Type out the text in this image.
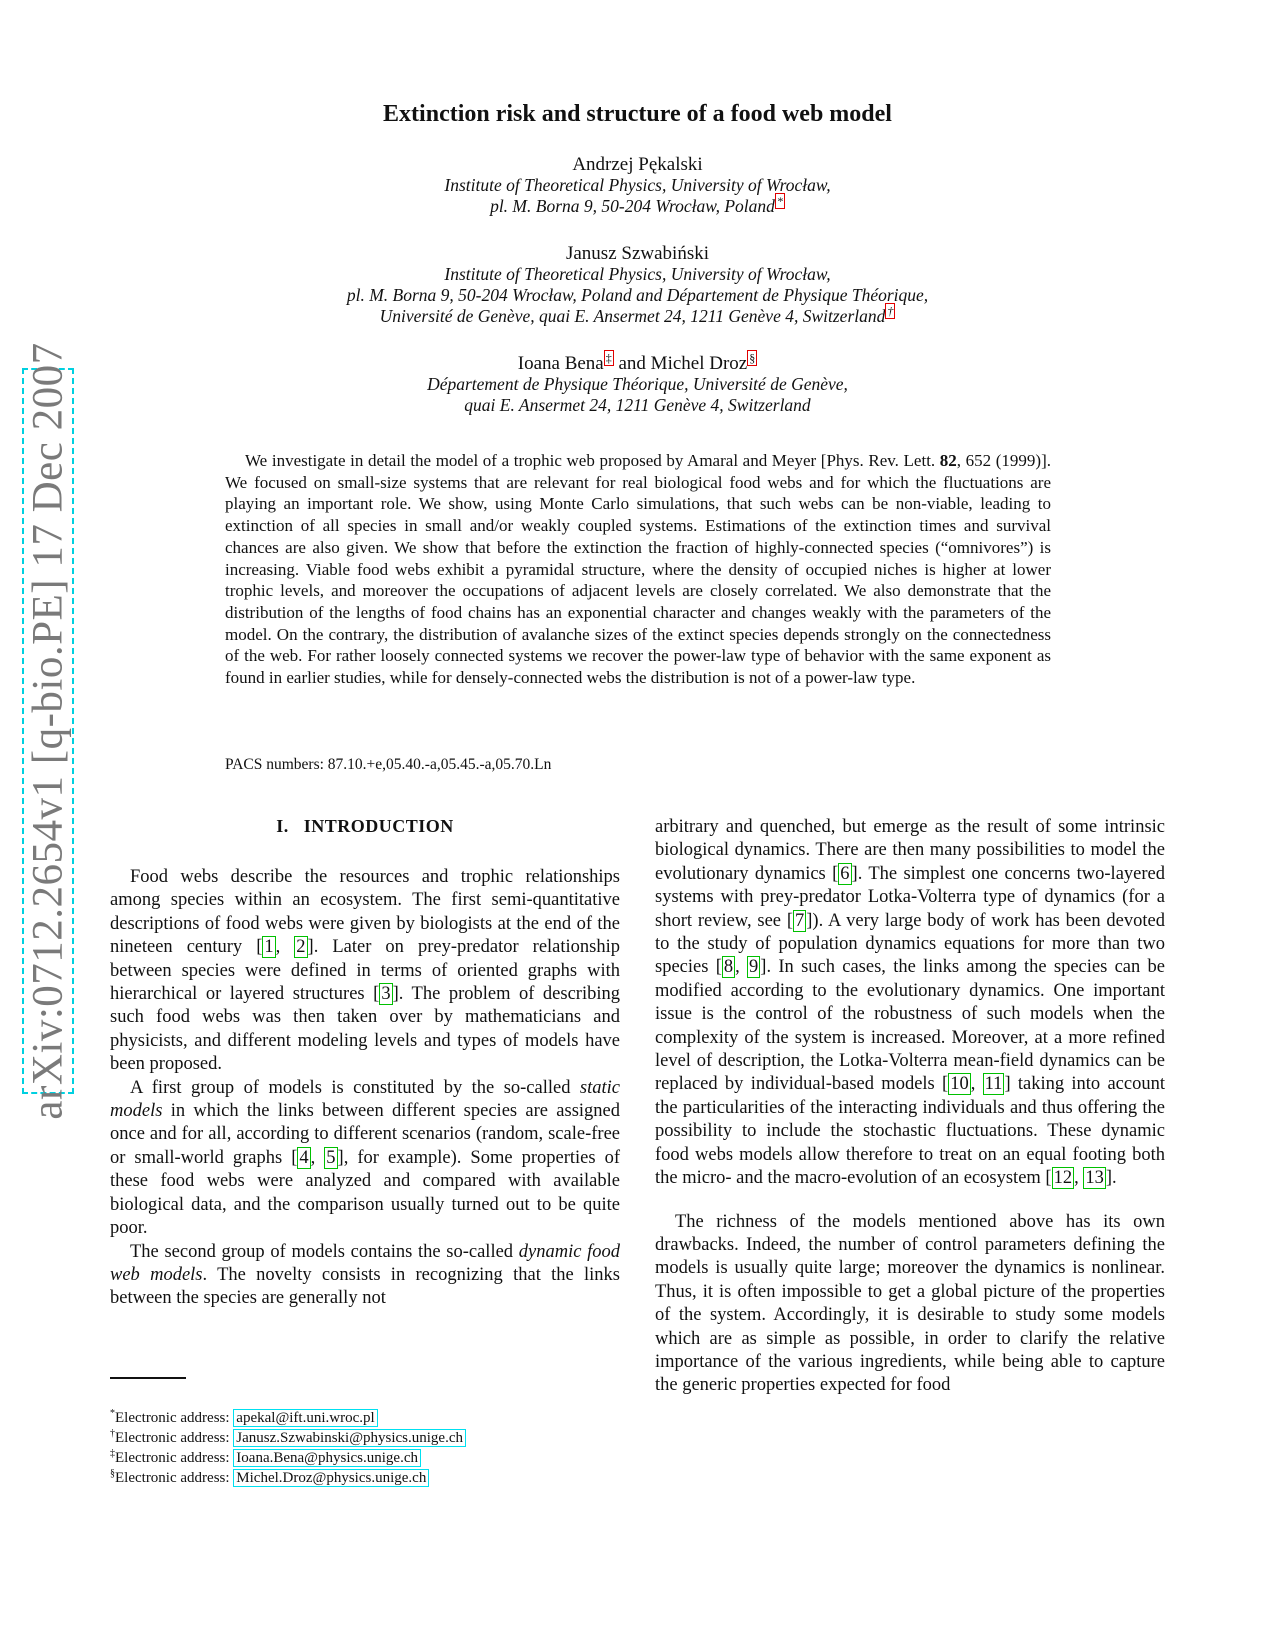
arXiv:0712.2654v1 [q-bio.PE] 17 Dec 2007
Extinction risk and structure of a food web model
Andrzej Pękalski
Institute of Theoretical Physics, University of Wrocław,
pl. M. Borna 9, 50-204 Wrocław, Poland *
Janusz Szwabiński
Institute of Theoretical Physics, University of Wrocław,
pl. M. Borna 9, 50-204 Wrocław, Poland and Département de Physique Théorique,
Université de Genève, quai E. Ansermet 24, 1211 Genève 4, Switzerland †
Ioana Bena ‡ and Michel Droz §
Département de Physique Théorique, Université de Genève,
quai E. Ansermet 24, 1211 Genève 4, Switzerland

We investigate in detail the model of a trophic web proposed by Amaral and Meyer [Phys. Rev. Lett. 82, 652 (1999)]. We focused on small-size systems that are relevant for real biological food webs and for which the fluctuations are playing an important role. We show, using Monte Carlo simulations, that such webs can be non-viable, leading to extinction of all species in small and/or weakly coupled systems. Estimations of the extinction times and survival chances are also given. We show that before the extinction the fraction of highly-connected species (“omnivores”) is increasing. Viable food webs exhibit a pyramidal structure, where the density of occupied niches is higher at lower trophic levels, and moreover the occupations of adjacent levels are closely correlated. We also demonstrate that the distribution of the lengths of food chains has an exponential character and changes weakly with the parameters of the model. On the contrary, the distribution of avalanche sizes of the extinct species depends strongly on the connectedness of the web. For rather loosely connected systems we recover the power-law type of behavior with the same exponent as found in earlier studies, while for densely-connected webs the distribution is not of a power-law type.

PACS numbers: 87.10.+e,05.40.-a,05.45.-a,05.70.Ln
I. INTRODUCTION

Food webs describe the resources and trophic relationships among species within an ecosystem. The first semi-quantitative descriptions of food webs were given by biologists at the end of the nineteen century [ 1 , 2 ]. Later on prey-predator relationship between species were defined in terms of oriented graphs with hierarchical or layered structures [ 3 ]. The problem of describing such food webs was then taken over by mathematicians and physicists, and different modeling levels and types of models have been proposed.

A first group of models is constituted by the so-called static models in which the links between different species are assigned once and for all, according to different scenarios (random, scale-free or small-world graphs [ 4 , 5 ], for example). Some properties of these food webs were analyzed and compared with available biological data, and the comparison usually turned out to be quite poor.

The second group of models contains the so-called dynamic food web models. The novelty consists in recognizing that the links between the species are generally not

arbitrary and quenched, but emerge as the result of some intrinsic biological dynamics. There are then many possibilities to model the evolutionary dynamics [ 6 ]. The simplest one concerns two-layered systems with prey-predator Lotka-Volterra type of dynamics (for a short review, see [ 7 ]). A very large body of work has been devoted to the study of population dynamics equations for more than two species [ 8 , 9 ]. In such cases, the links among the species can be modified according to the evolutionary dynamics. One important issue is the control of the robustness of such models when the complexity of the system is increased. Moreover, at a more refined level of description, the Lotka-Volterra mean-field dynamics can be replaced by individual-based models [ 10 , 11 ] taking into account the particularities of the interacting individuals and thus offering the possibility to include the stochastic fluctuations. These dynamic food webs models allow therefore to treat on an equal footing both the micro- and the macro-evolution of an ecosystem [ 12 , 13 ].

The richness of the models mentioned above has its own drawbacks. Indeed, the number of control parameters defining the models is usually quite large; moreover the dynamics is nonlinear. Thus, it is often impossible to get a global picture of the properties of the system. Accordingly, it is desirable to study some models which are as simple as possible, in order to clarify the relative importance of the various ingredients, while being able to capture the generic properties expected for food

*Electronic address: apekal@ift.uni.wroc.pl
†Electronic address: Janusz.Szwabinski@physics.unige.ch
‡Electronic address: Ioana.Bena@physics.unige.ch
§Electronic address: Michel.Droz@physics.unige.ch
